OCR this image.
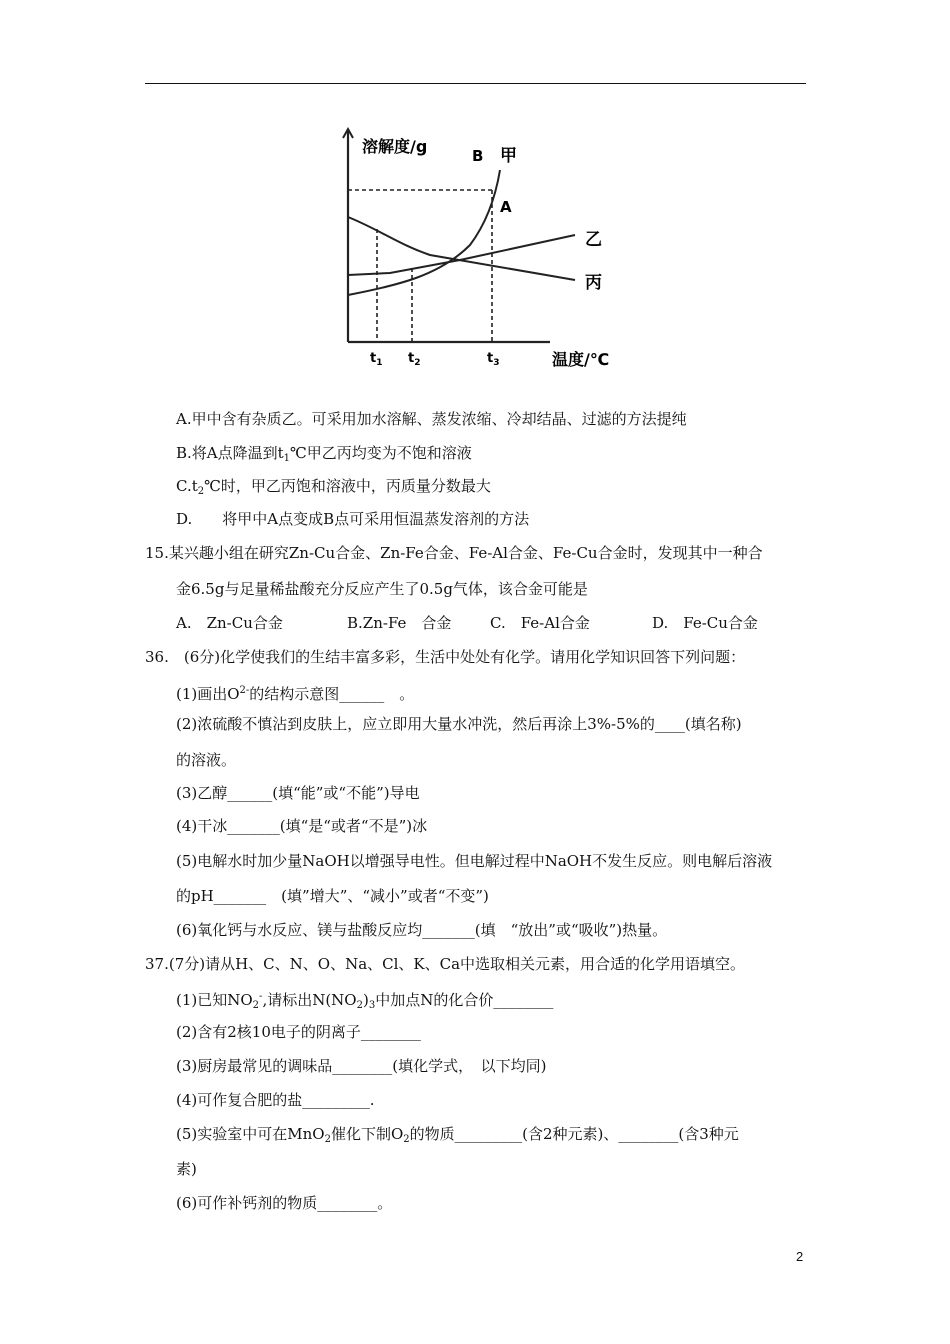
溶解度/g
温度/℃
B 甲
A
乙
丙
$t_1$ $t_2$	$t_3$
A.甲中含有杂质乙。可采用加水溶解、蒸发浓缩、冷却结晶、过滤的方法提纯
B.将A点降温到$t_1℃$甲乙丙均变为不饱和溶液
$C.t_2℃$时，甲乙丙饱和溶液中，丙质量分数最大
D.　　将甲中A点变成B点可采用恒温蒸发溶剂的方法
15.某兴趣小组在研究Zn-Cu合金、Zn-Fe合金、Fe-Al合金、Fe-Cu合金时，发现其中一种合
金6.5g与足量稀盐酸充分反应产生了0.5g气体，该合金可能是
A.　Zn-Cu合金	B.Zn-Fe　合金	C.　Fe-Al合金	D.　Fe-Cu合金
36.　(6分)化学使我们的生结丰富多彩，生活中处处有化学。请用化学知识回答下列问题：
(1)画出$O^{2-}$的结构示意图______　。
(2)浓硫酸不慎沾到皮肤上，应立即用大量水冲洗，然后再涂上3%-5%的____(填名称)
的溶液。
(3)乙醇______(填“能”或“不能”)导电
(4)干冰_______(填“是“或者“不是”)冰
(5)电解水时加少量NaOH以增强导电性。但电解过程中NaOH不发生反应。则电解后溶液
的pH_______　(填”增大”、“减小”或者“不变”)
(6)氧化钙与水反应、镁与盐酸反应均_______(填　“放出”或“吸收”)热量。
37.(7分)请从H、C、N、O、Na、Cl、K、Ca中选取相关元素，用合适的化学用语填空。
(1)已知$NO_2^-$,请标出$N(NO_2)_3$中加点N的化合价________
(2)含有2核10电子的阴离子________
(3)厨房最常见的调味品________(填化学式，　以下均同)
(4)可作复合肥的盐_________.
(5)实验室中可在MnO$_2$催化下制$O_2$的物质_________(含2种元素)、________(含3种元
素)
(6)可作补钙剂的物质________。
2
